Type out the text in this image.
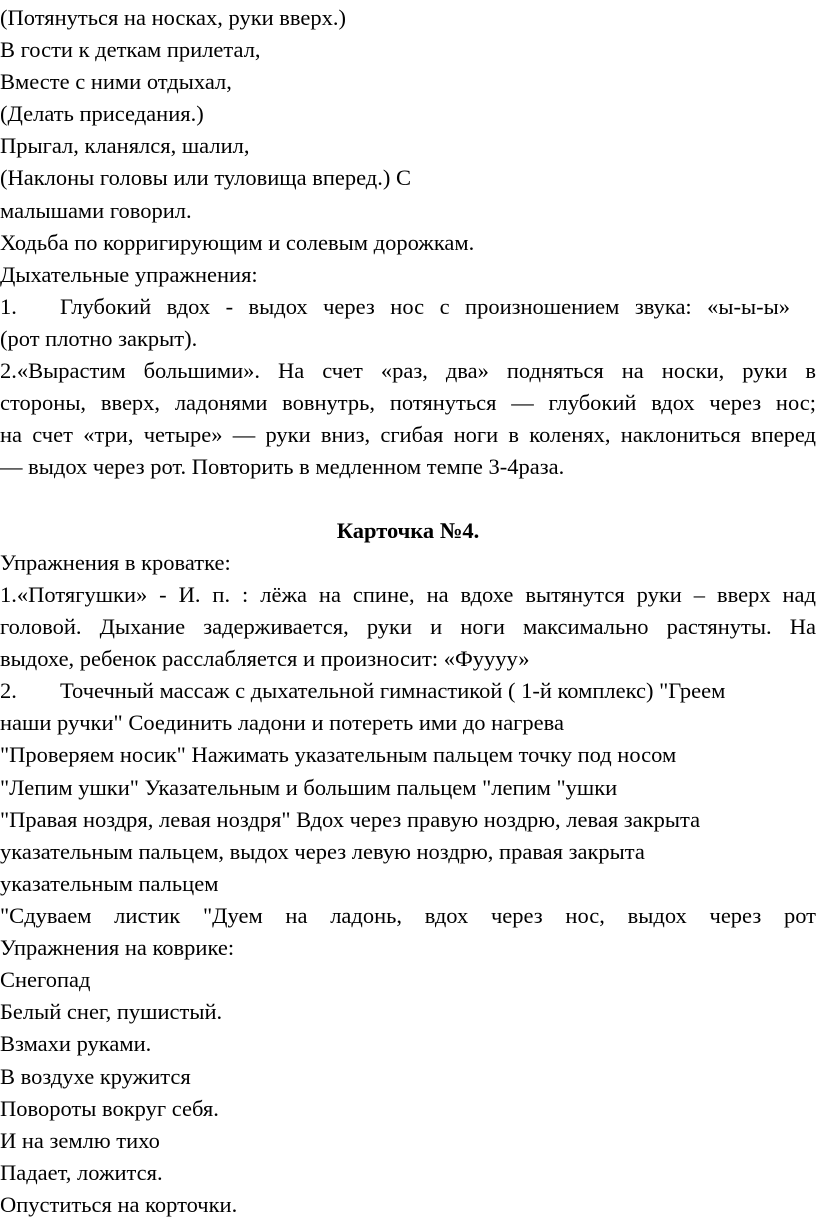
(Потянуться на носках, руки вверх.)
В гости к деткам прилетал,
Вместе с ними отдыхал,
(Делать приседания.)
Прыгал, кланялся, шалил,
(Наклоны головы или туловища вперед.) С
малышами говорил.
Ходьба по корригирующим и солевым дорожкам.
Дыхательные упражнения:
1. Глубокий вдох - выдох через нос с произношением звука: «ы-ы-ы»
(рот плотно закрыт).
2.«Вырастим большими». На счет «раз, два» подняться на носки, руки в
стороны, вверх, ладонями вовнутрь, потянуться — глубокий вдох через нос;
на счет «три, четыре» — руки вниз, сгибая ноги в коленях, наклониться вперед
— выдох через рот. Повторить в медленном темпе 3-4раза.
Карточка №4.
Упражнения в кроватке:
1.«Потягушки» - И. п. : лёжа на спине, на вдохе вытянутся руки – вверх над
головой. Дыхание задерживается, руки и ноги максимально растянуты. На
выдохе, ребенок расслабляется и произносит: «Фуууу»
2. Точечный массаж с дыхательной гимнастикой ( 1-й комплекс) "Греем
наши ручки" Соединить ладони и потереть ими до нагрева
"Проверяем носик" Нажимать указательным пальцем точку под носом
"Лепим ушки" Указательным и большим пальцем "лепим "ушки
"Правая ноздря, левая ноздря" Вдох через правую ноздрю, левая закрыта
указательным пальцем, выдох через левую ноздрю, правая закрыта
указательным пальцем
"Сдуваем листик "Дуем на ладонь, вдох через нос, выдох через рот
Упражнения на коврике:
Снегопад
Белый снег, пушистый.
Взмахи руками.
В воздухе кружится
Повороты вокруг себя.
И на землю тихо
Падает, ложится.
Опуститься на корточки.
